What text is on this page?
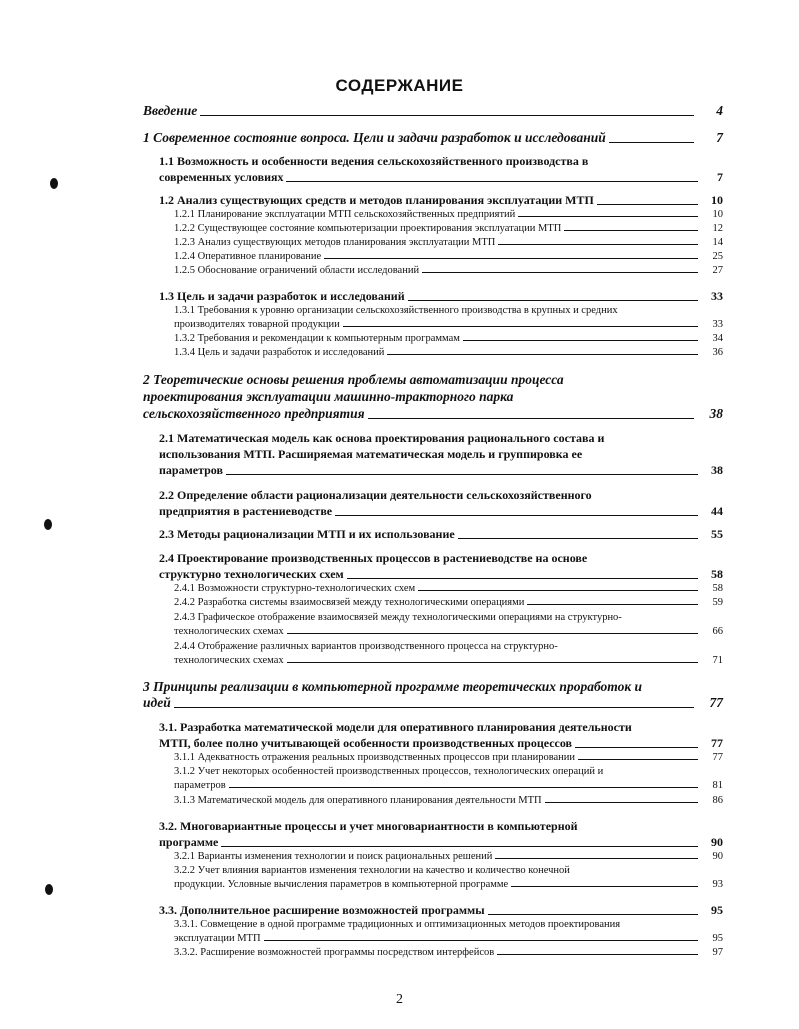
СОДЕРЖАНИЕ
Введение	4
1 Современное состояние вопроса. Цели и задачи разработок и исследований	7
1.1 Возможность и особенности ведения сельскохозяйственного производства в
современных условиях	7
1.2 Анализ существующих средств и методов планирования эксплуатации МТП	10
1.2.1 Планирование эксплуатации МТП сельскохозяйственных предприятий	10
1.2.2 Существующее состояние компьютеризации проектирования эксплуатации МТП	12
1.2.3 Анализ существующих методов планирования эксплуатации МТП	14
1.2.4 Оперативное планирование	25
1.2.5 Обоснование ограничений области исследований	27
1.3 Цель и задачи разработок и исследований	33
1.3.1 Требования к уровню организации сельскохозяйственного производства в крупных и средних
производителях товарной продукции	33
1.3.2 Требования и рекомендации к компьютерным программам	34
1.3.4 Цель и задачи разработок и исследований	36
2 Теоретические основы решения проблемы автоматизации процесса
проектирования эксплуатации машинно-тракторного парка
сельскохозяйственного предприятия	38
2.1 Математическая модель как основа проектирования рационального состава и
использования МТП. Расширяемая математическая модель и группировка ее
параметров	38
2.2 Определение области рационализации деятельности сельскохозяйственного
предприятия в растениеводстве	44
2.3 Методы рационализации МТП и их использование	55
2.4 Проектирование производственных процессов в растениеводстве на основе
структурно технологических схем	58
2.4.1 Возможности структурно-технологических схем	58
2.4.2 Разработка системы взаимосвязей между технологическими операциями	59
2.4.3 Графическое отображение взаимосвязей между технологическими операциями на структурно-
технологических схемах	66
2.4.4 Отображение различных вариантов производственного процесса на структурно-
технологических схемах	71
3 Принципы реализации в компьютерной программе теоретических проработок и
идей	77
3.1. Разработка математической модели для оперативного планирования деятельности
МТП, более полно учитывающей особенности производственных процессов	77
3.1.1 Адекватность отражения реальных производственных процессов при планировании	77
3.1.2 Учет некоторых особенностей производственных процессов, технологических операций и
параметров	81
3.1.3 Математической модель для оперативного планирования деятельности МТП	86
3.2. Многовариантные процессы и учет многовариантности в компьютерной
программе	90
3.2.1 Варианты изменения технологии и поиск рациональных решений	90
3.2.2 Учет влияния вариантов изменения технологии на качество и количество конечной
продукции. Условные вычисления параметров в компьютерной программе	93
3.3. Дополнительное расширение возможностей программы	95
3.3.1. Совмещение в одной программе традиционных и оптимизационных методов проектирования
эксплуатации МТП	95
3.3.2. Расширение возможностей программы посредством интерфейсов	97
2
